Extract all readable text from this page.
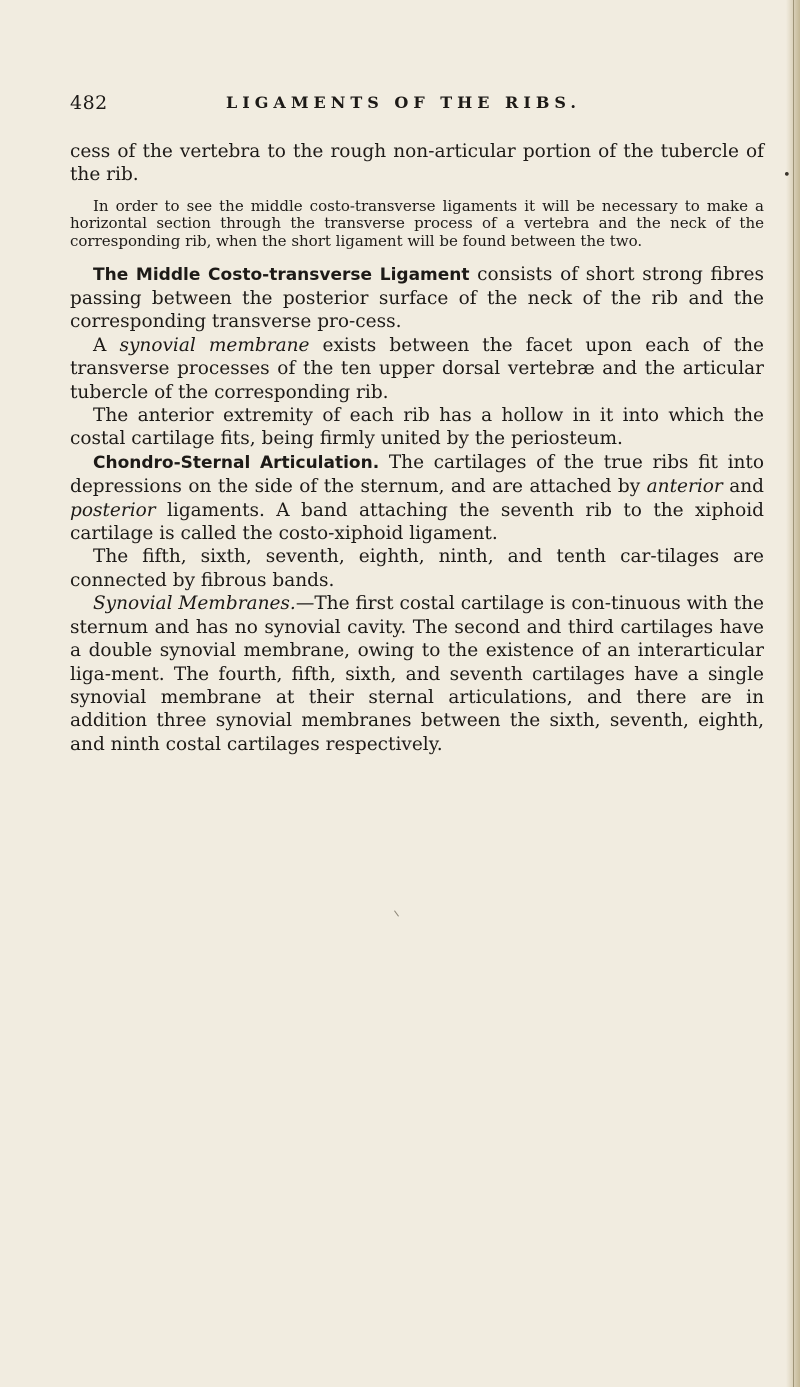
482	LIGAMENTS OF THE RIBS.
•

cess of the vertebra to the rough non-articular portion of the tubercle of the rib.

In order to see the middle costo-transverse ligaments it will be necessary to make a horizontal section through the transverse process of a vertebra and the neck of the corresponding rib, when the short ligament will be found between the two.

The Middle Costo-transverse Ligament consists of short strong fibres passing between the posterior surface of the neck of the rib and the corresponding transverse pro-cess.

A synovial membrane exists between the facet upon each of the transverse processes of the ten upper dorsal vertebræ and the articular tubercle of the corresponding rib.

The anterior extremity of each rib has a hollow in it into which the costal cartilage fits, being firmly united by the periosteum.

Chondro-Sternal Articulation. The cartilages of the true ribs fit into depressions on the side of the sternum, and are attached by anterior and posterior ligaments. A band attaching the seventh rib to the xiphoid cartilage is called the costo-xiphoid ligament.

The fifth, sixth, seventh, eighth, ninth, and tenth car-tilages are connected by fibrous bands.

Synovial Membranes.—The first costal cartilage is con-tinuous with the sternum and has no synovial cavity. The second and third cartilages have a double synovial membrane, owing to the existence of an interarticular liga-ment. The fourth, fifth, sixth, and seventh cartilages have a single synovial membrane at their sternal articulations, and there are in addition three synovial membranes between the sixth, seventh, eighth, and ninth costal cartilages respectively.
